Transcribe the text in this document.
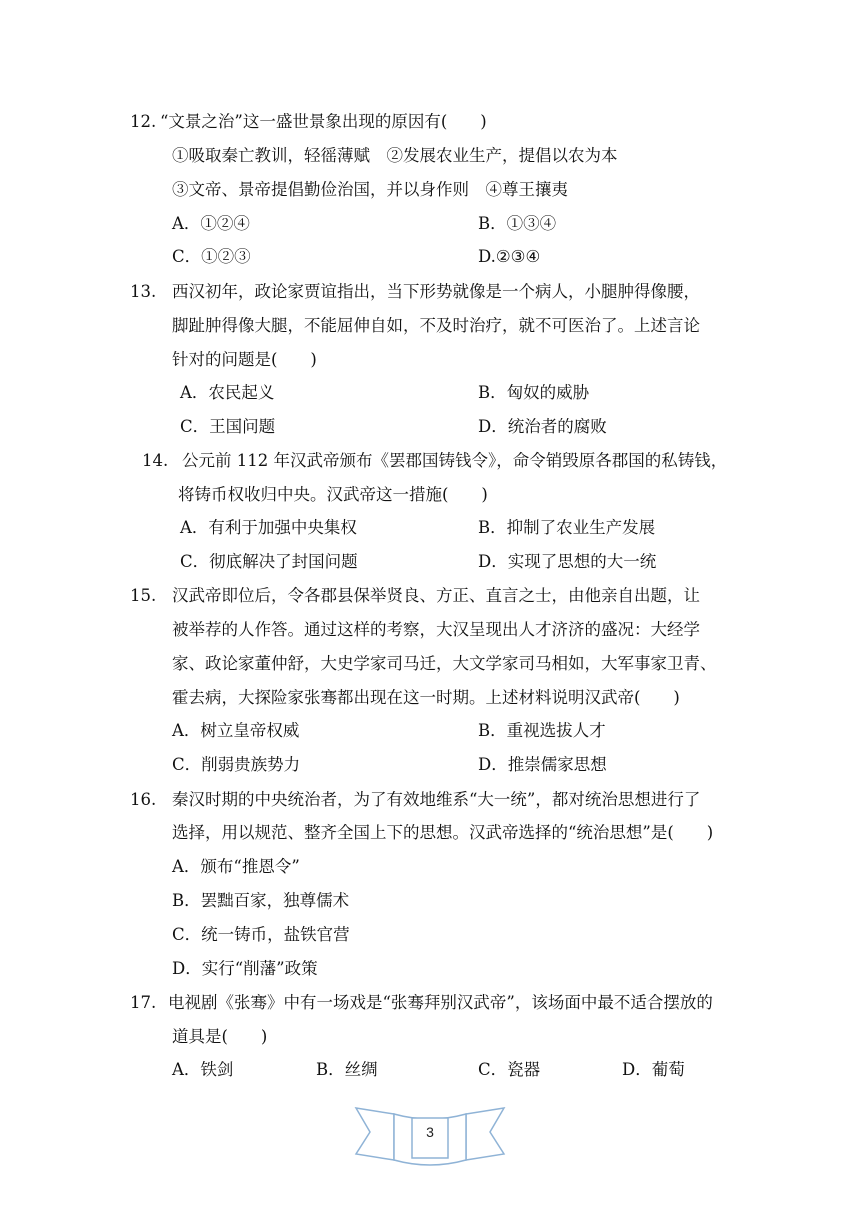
12. “文景之治”这一盛世景象出现的原因有(　　)
①吸取秦亡教训，轻徭薄赋　②发展农业生产，提倡以农为本
③文帝、景帝提倡勤俭治国，并以身作则　④尊王攘夷
A．①②④	B．①③④
C．①②③	D.②③④
13. 西汉初年，政论家贾谊指出，当下形势就像是一个病人，小腿肿得像腰，
脚趾肿得像大腿，不能屈伸自如，不及时治疗，就不可医治了。上述言论
针对的问题是(　　)
A．农民起义	B．匈奴的威胁
C．王国问题	D．统治者的腐败
14. 公元前 112 年汉武帝颁布《罢郡国铸钱令》，命令销毁原各郡国的私铸钱，
将铸币权收归中央。汉武帝这一措施(　　)
A．有利于加强中央集权	B．抑制了农业生产发展
C．彻底解决了封国问题	D．实现了思想的大一统
15. 汉武帝即位后，令各郡县保举贤良、方正、直言之士，由他亲自出题，让
被举荐的人作答。通过这样的考察，大汉呈现出人才济济的盛况：大经学
家、政论家董仲舒，大史学家司马迁，大文学家司马相如，大军事家卫青、
霍去病，大探险家张骞都出现在这一时期。上述材料说明汉武帝(　　)
A．树立皇帝权威	B．重视选拔人才
C．削弱贵族势力	D．推崇儒家思想
16. 秦汉时期的中央统治者，为了有效地维系“大一统”，都对统治思想进行了
选择，用以规范、整齐全国上下的思想。汉武帝选择的“统治思想”是(　　)
A．颁布“推恩令”
B．罢黜百家，独尊儒术
C．统一铸币，盐铁官营
D．实行“削藩”政策
17. 电视剧《张骞》中有一场戏是“张骞拜别汉武帝”，该场面中最不适合摆放的
道具是(　　)
A．铁剑	B．丝绸	C．瓷器	D．葡萄
3
